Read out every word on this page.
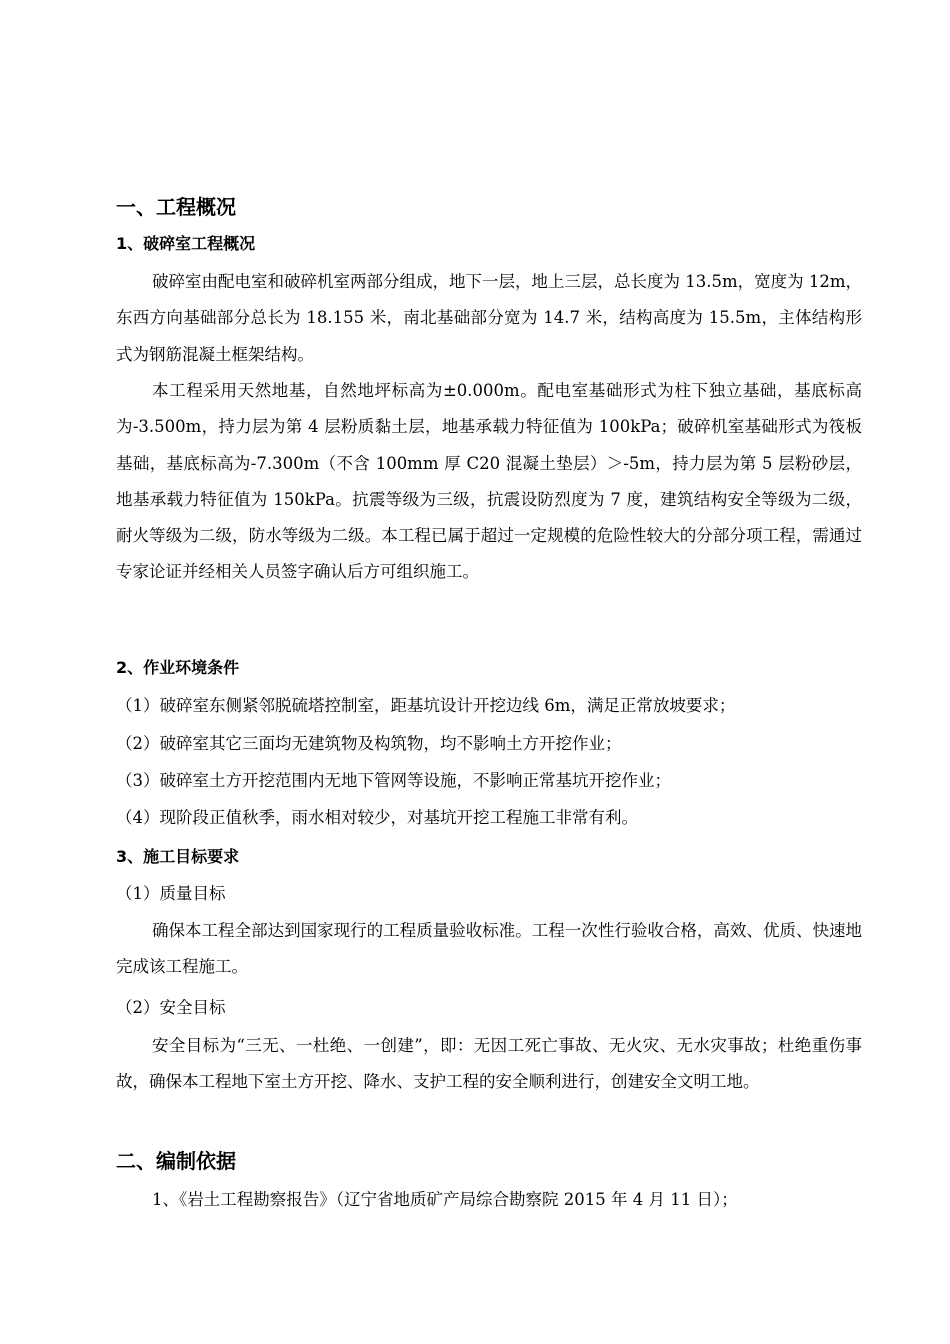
一、工程概况
1、破碎室工程概况
破碎室由配电室和破碎机室两部分组成，地下一层，地上三层，总长度为 13.5m，宽度为 12m，东西方向基础部分总长为 18.155 米，南北基础部分宽为 14.7 米，结构高度为 15.5m，主体结构形式为钢筋混凝土框架结构。
本工程采用天然地基，自然地坪标高为±0.000m。配电室基础形式为柱下独立基础，基底标高为-3.500m，持力层为第 4 层粉质黏土层，地基承载力特征值为 100kPa；破碎机室基础形式为筏板基础，基底标高为-7.300m（不含 100mm 厚 C20 混凝土垫层）＞-5m，持力层为第 5 层粉砂层，地基承载力特征值为 150kPa。抗震等级为三级，抗震设防烈度为 7 度，建筑结构安全等级为二级，耐火等级为二级，防水等级为二级。本工程已属于超过一定规模的危险性较大的分部分项工程，需通过专家论证并经相关人员签字确认后方可组织施工。
2、作业环境条件
（1）破碎室东侧紧邻脱硫塔控制室，距基坑设计开挖边线 6m，满足正常放坡要求；
（2）破碎室其它三面均无建筑物及构筑物，均不影响土方开挖作业；
（3）破碎室土方开挖范围内无地下管网等设施，不影响正常基坑开挖作业；
（4）现阶段正值秋季，雨水相对较少，对基坑开挖工程施工非常有利。
3、施工目标要求
（1）质量目标
确保本工程全部达到国家现行的工程质量验收标准。工程一次性行验收合格，高效、优质、快速地完成该工程施工。
（2）安全目标
安全目标为“三无、一杜绝、一创建”，即：无因工死亡事故、无火灾、无水灾事故；杜绝重伤事故，确保本工程地下室土方开挖、降水、支护工程的安全顺利进行，创建安全文明工地。
二、编制依据
1、《岩土工程勘察报告》（辽宁省地质矿产局综合勘察院 2015 年 4 月 11 日）；
